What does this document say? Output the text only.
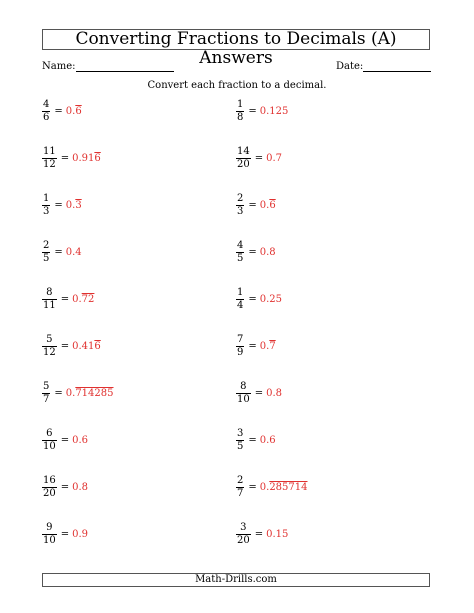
Converting Fractions to Decimals (A) Answers
Name:	Date:
Convert each fraction to a decimal.
$\frac{4}{6} = 0.6$	$\frac{1}{8} = 0.125$
$\frac{11}{12} = 0.916$	$\frac{14}{20} = 0.7$
$\frac{1}{3} = 0.3$	$\frac{2}{3} = 0.6$
$\frac{2}{5} = 0.4$	$\frac{4}{5} = 0.8$
$\frac{8}{11} = 0.72$	$\frac{1}{4} = 0.25$
$\frac{5}{12} = 0.416$	$\frac{7}{9} = 0.7$
$\frac{5}{7} = 0.714285$	$\frac{8}{10} = 0.8$
$\frac{6}{10} = 0.6$	$\frac{3}{5} = 0.6$
$\frac{16}{20} = 0.8$	$\frac{2}{7} = 0.285714$
$\frac{9}{10} = 0.9$	$\frac{3}{20} = 0.15$
Math-Drills.com
